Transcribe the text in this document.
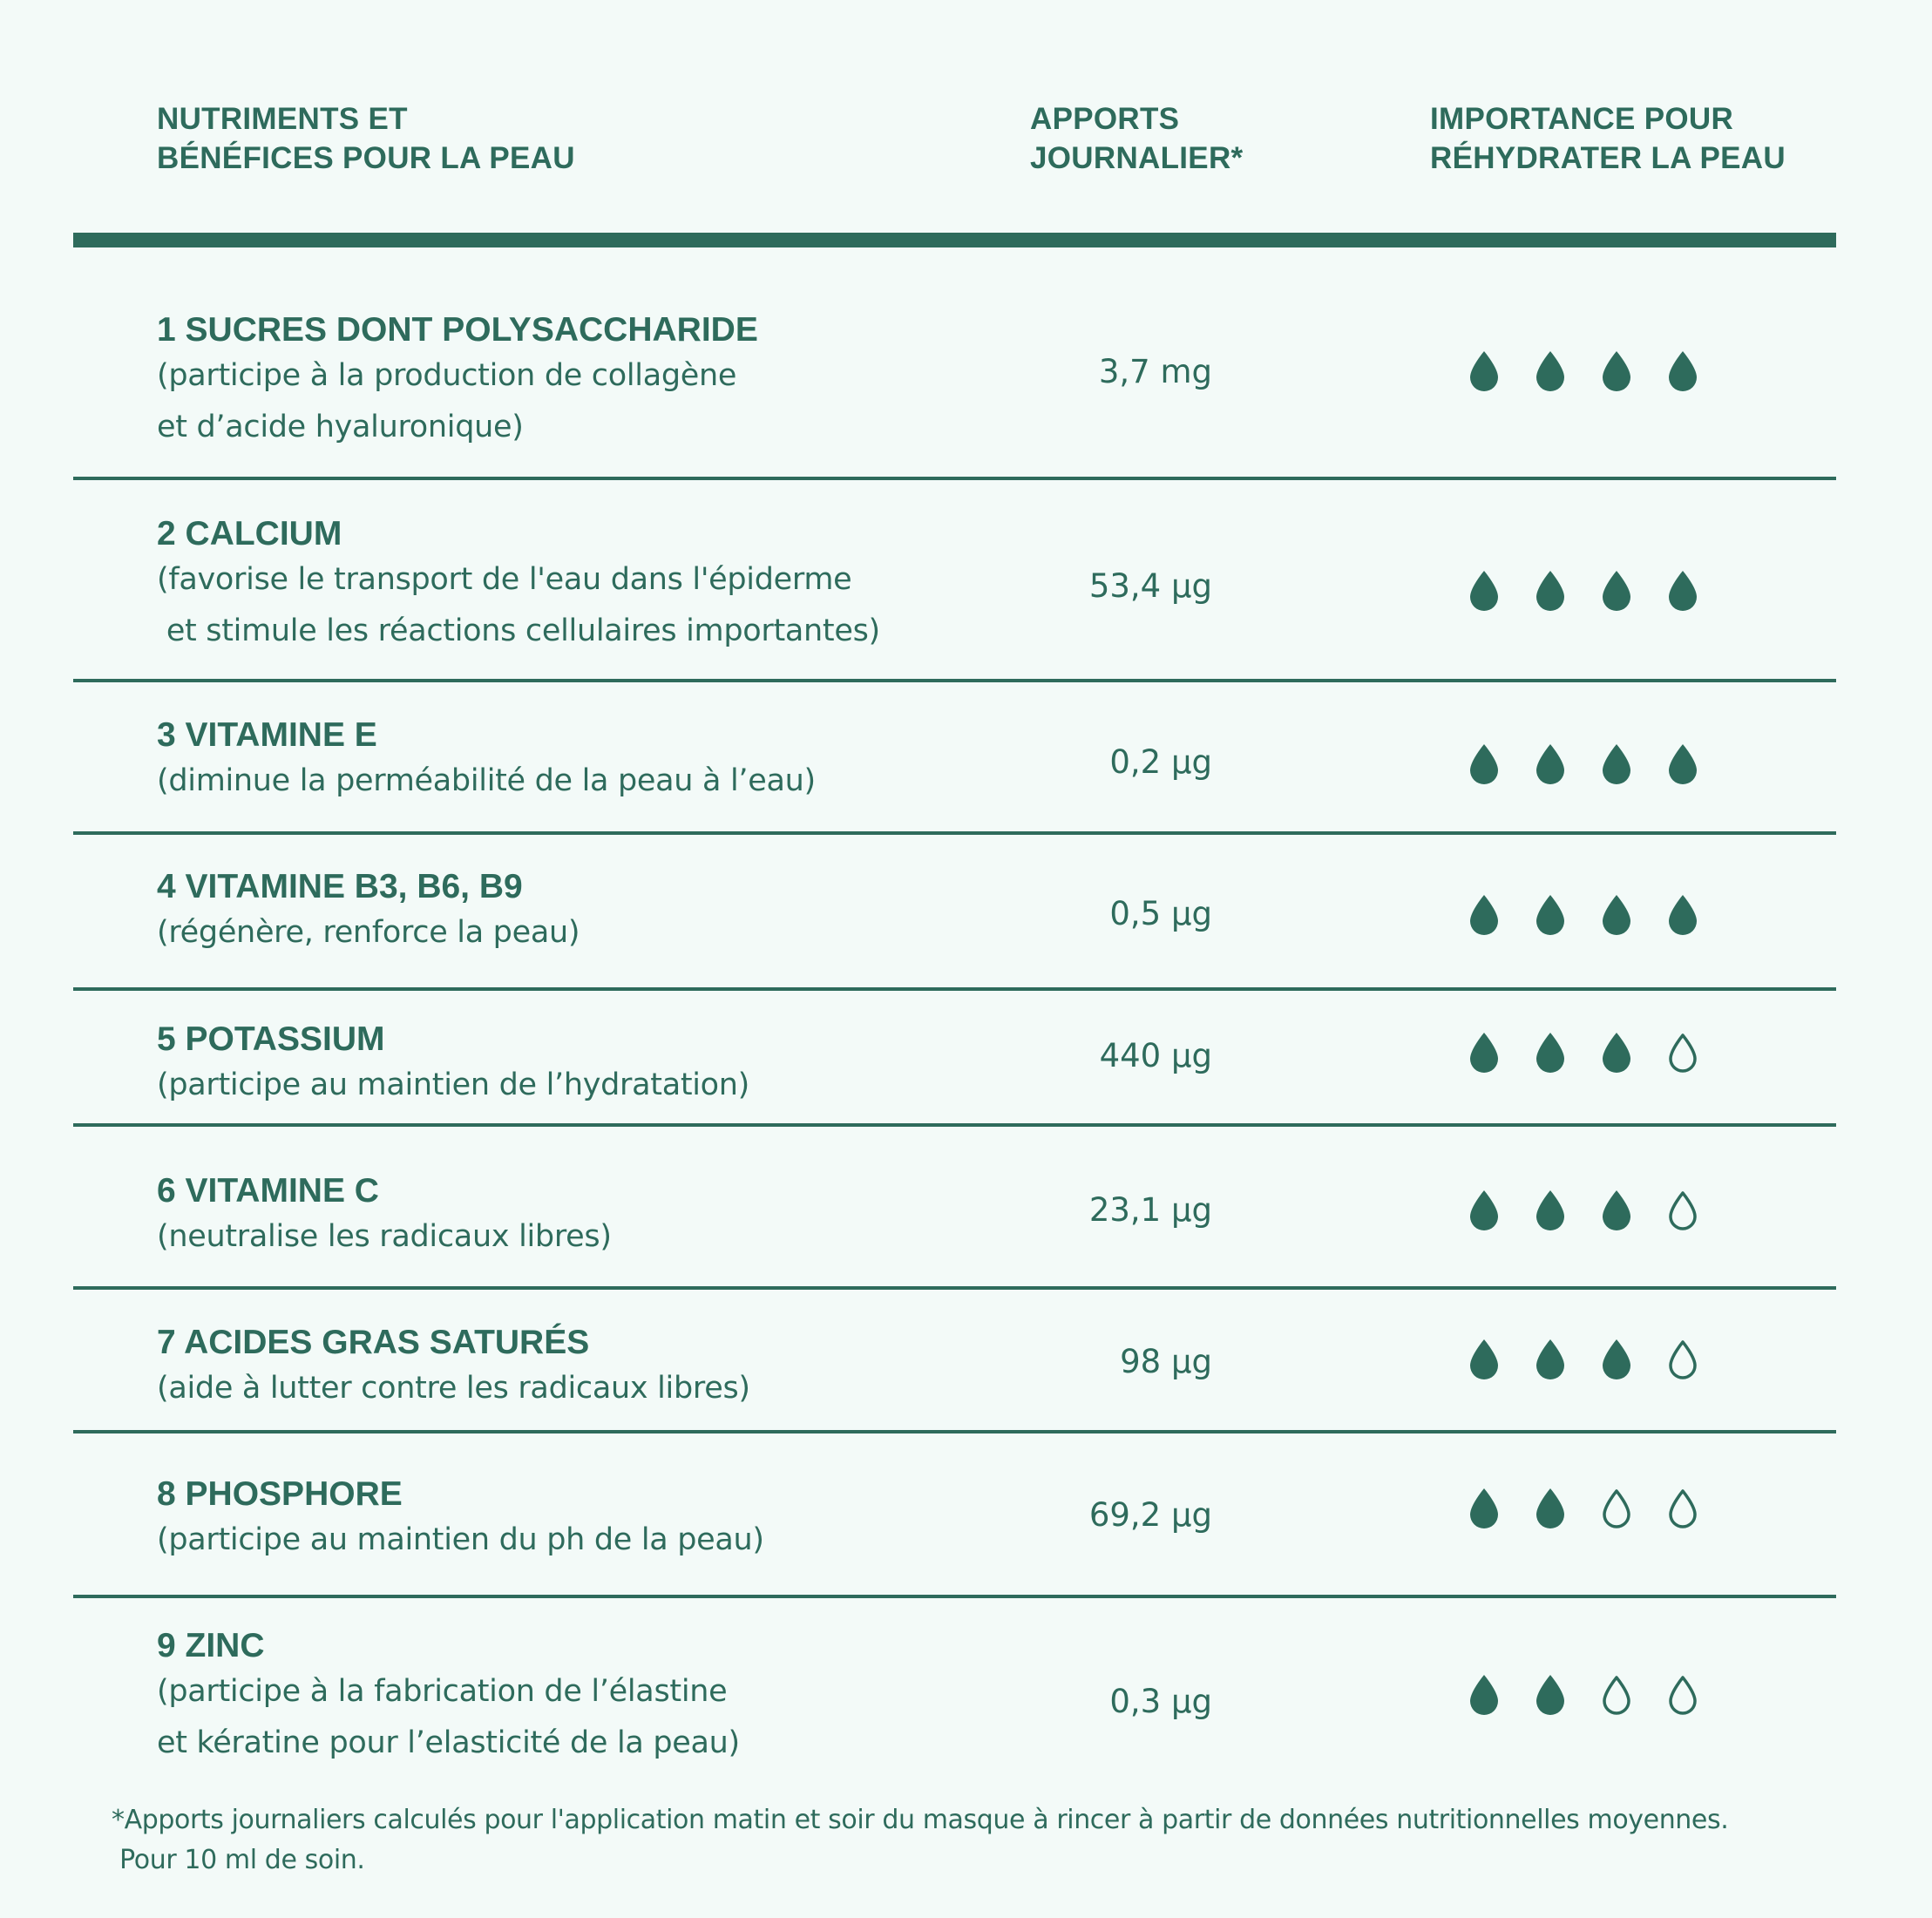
NUTRIMENTS ET
BÉNÉFICES POUR LA PEAU
APPORTS
JOURNALIER*
IMPORTANCE POUR
RÉHYDRATER LA PEAU
1 SUCRES DONT POLYSACCHARIDE
(participe à la production de collagène
et d’acide hyaluronique)
3,7 mg
2 CALCIUM
(favorise le transport de l'eau dans l'épiderme
et stimule les réactions cellulaires importantes)
53,4 µg
3 VITAMINE E
(diminue la perméabilité de la peau à l’eau)	0,2 µg
4 VITAMINE B3, B6, B9
(régénère, renforce la peau)	0,5 µg
5 POTASSIUM
(participe au maintien de l’hydratation)
440 µg
6 VITAMINE C
(neutralise les radicaux libres)
23,1 µg
7 ACIDES GRAS SATURÉS
(aide à lutter contre les radicaux libres)
98 µg
8 PHOSPHORE
(participe au maintien du ph de la peau)
69,2 µg
9 ZINC
(participe à la fabrication de l’élastine
et kératine pour l’elasticité de la peau)
0,3 µg
*Apports journaliers calculés pour l'application matin et soir du masque à rincer à partir de données nutritionnelles moyennes.
Pour 10 ml de soin.
